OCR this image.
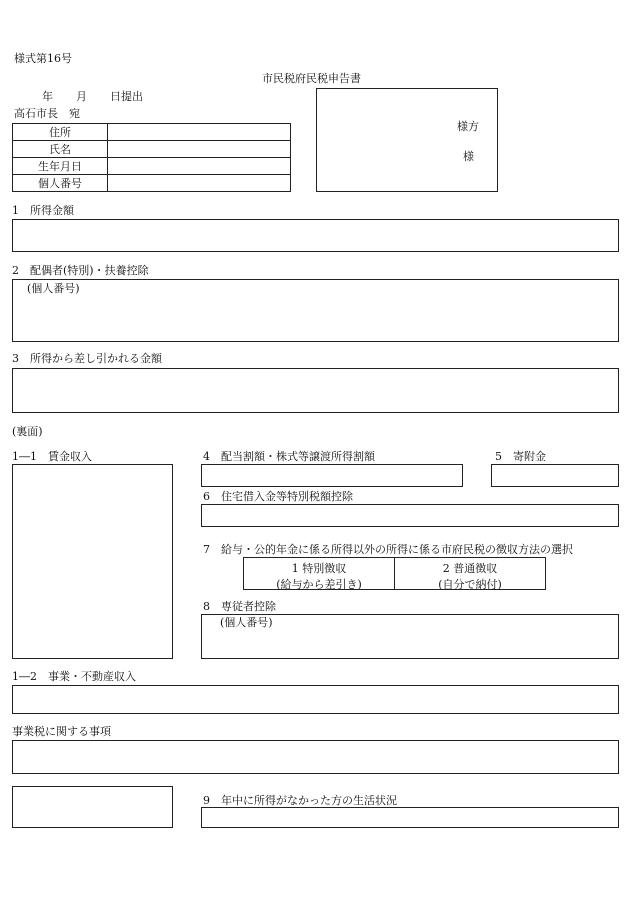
様式第16号
市民税府民税申告書
年 月 日提出
高石市長　宛
住所	
氏名	
生年月日	
個人番号	
様方
様
1　所得金額
2　配偶者(特別)・扶養控除
(個人番号)
3　所得から差し引かれる金額
(裏面)
1―1　賃金収入	4　配当割額・株式等譲渡所得割額	5　寄附金
6　住宅借入金等特別税額控除
7　給与・公的年金に係る所得以外の所得に係る市府民税の徴収方法の選択
1 特別徴収
(給与から差引き)
2 普通徴収
(自分で納付)
8　専従者控除
(個人番号)
1―2　事業・不動産収入
事業税に関する事項
9　年中に所得がなかった方の生活状況
